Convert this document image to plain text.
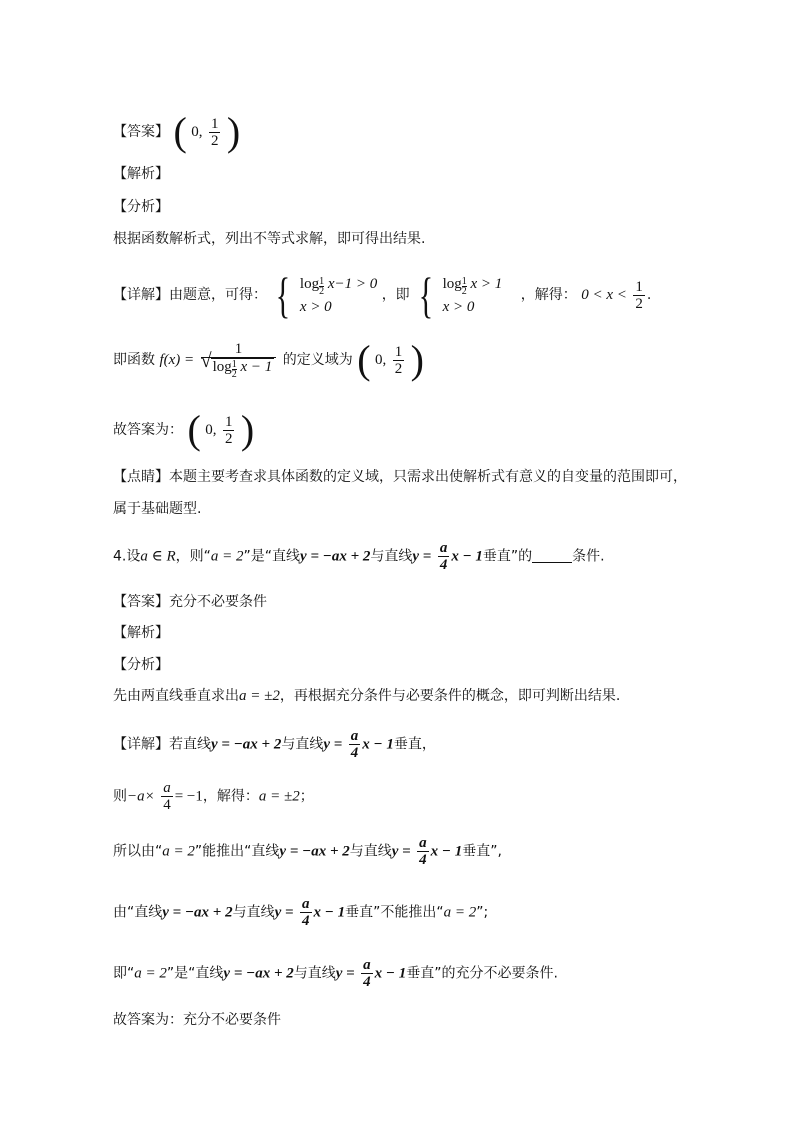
【答案】 ( 0, $\frac{1}{2}$ )
【解析】
【分析】
根据函数解析式，列出不等式求解，即可得出结果.
【详解】由题意，可得： { $\log \frac{1}{2} x-1 > 0$
x > 0
，即 { $\log \frac{1}{2}$ x > 1
x > 0
，解得： $0 < x < \frac{1}{2}$ .
即函数 f(x) = 1
√ $\log \frac{1}{2}$ x − 1 的定义域为 ( 0, $\frac{1}{2}$ )
故答案为： ( 0, $\frac{1}{2}$ )
【点睛】本题主要考查求具体函数的定义域，只需求出使解析式有意义的自变量的范围即可，
属于基础题型.
4.设a ∈ R，则“a = 2”是“直线y = −ax + 2与直线$y = \frac{a}{4}$ x − 1垂直”的	条件.
【答案】充分不必要条件
【解析】
【分析】
先由两直线垂直求出a = ±2，再根据充分条件与必要条件的概念，即可判断出结果.
【详解】若直线y = −ax + 2与直线$y = \frac{a}{4}$ x − 1垂直，
则$-a\times \frac{a}{4} = -1$，解得：a = ±2；
所以由“a = 2”能推出“直线y = −ax + 2与直线$y = \frac{a}{4}$ x − 1垂直”,
由“直线y = −ax + 2与直线$y = \frac{a}{4}$ x − 1垂直”不能推出“a = 2”;
即“a = 2”是“直线y = −ax + 2与直线$y = \frac{a}{4}$ x − 1垂直”的充分不必要条件.
故答案为：充分不必要条件
